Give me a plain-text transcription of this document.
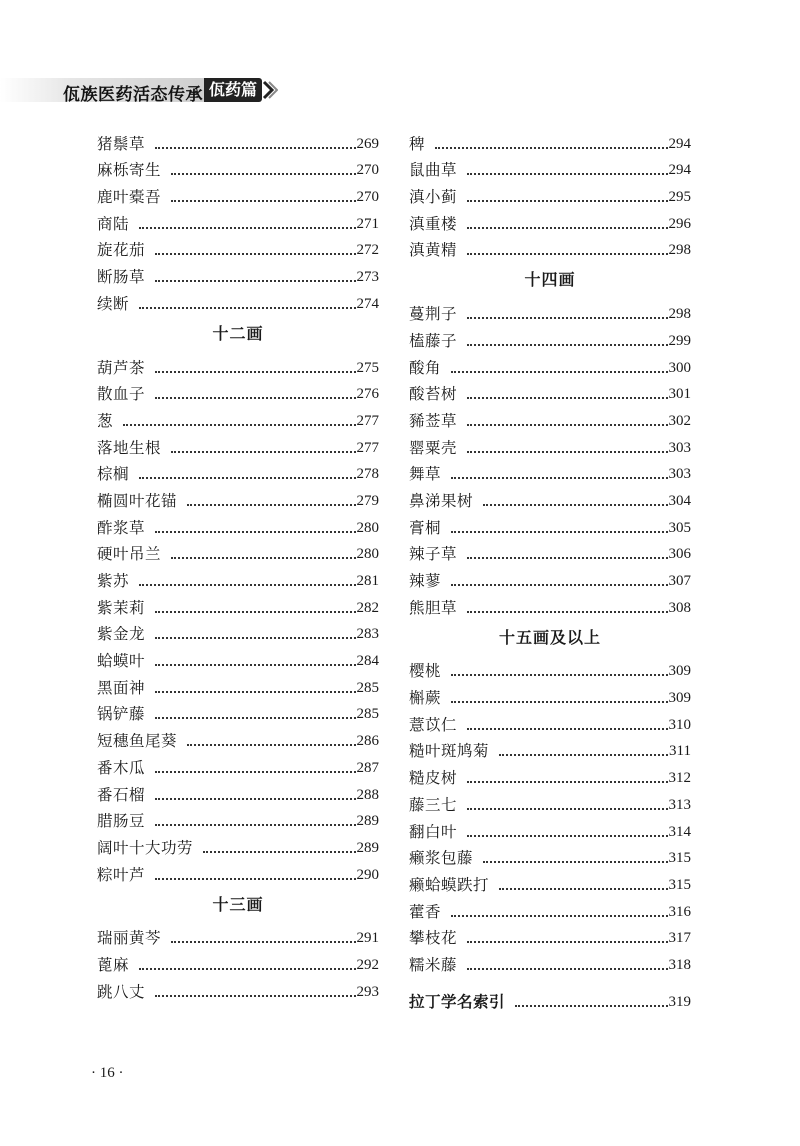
佤族医药活态传承 佤药篇
猪鬃草	269
麻栎寄生	270
鹿叶橐吾	270
商陆	271
旋花茄	272
断肠草	273
续断	274
十二画
葫芦茶	275
散血子	276
葱	277
落地生根	277
棕榈	278
椭圆叶花锚	279
酢浆草	280
硬叶吊兰	280
紫苏	281
紫茉莉	282
紫金龙	283
蛤蟆叶	284
黑面神	285
锅铲藤	285
短穗鱼尾葵	286
番木瓜	287
番石榴	288
腊肠豆	289
阔叶十大功劳	289
粽叶芦	290
十三画
瑞丽黄芩	291
蓖麻	292
跳八丈	293
稗	294
鼠曲草	294
滇小蓟	295
滇重楼	296
滇黄精	298
十四画
蔓荆子	298
榼藤子	299
酸角	300
酸苔树	301
豨莶草	302
罂粟壳	303
舞草	303
鼻涕果树	304
膏桐	305
辣子草	306
辣蓼	307
熊胆草	308
十五画及以上
樱桃	309
槲蕨	309
薏苡仁	310
糙叶斑鸠菊	311
糙皮树	312
藤三七	313
翻白叶	314
癞浆包藤	315
癞蛤蟆跌打	315
藿香	316
攀枝花	317
糯米藤	318
拉丁学名索引	319
· 16 ·
